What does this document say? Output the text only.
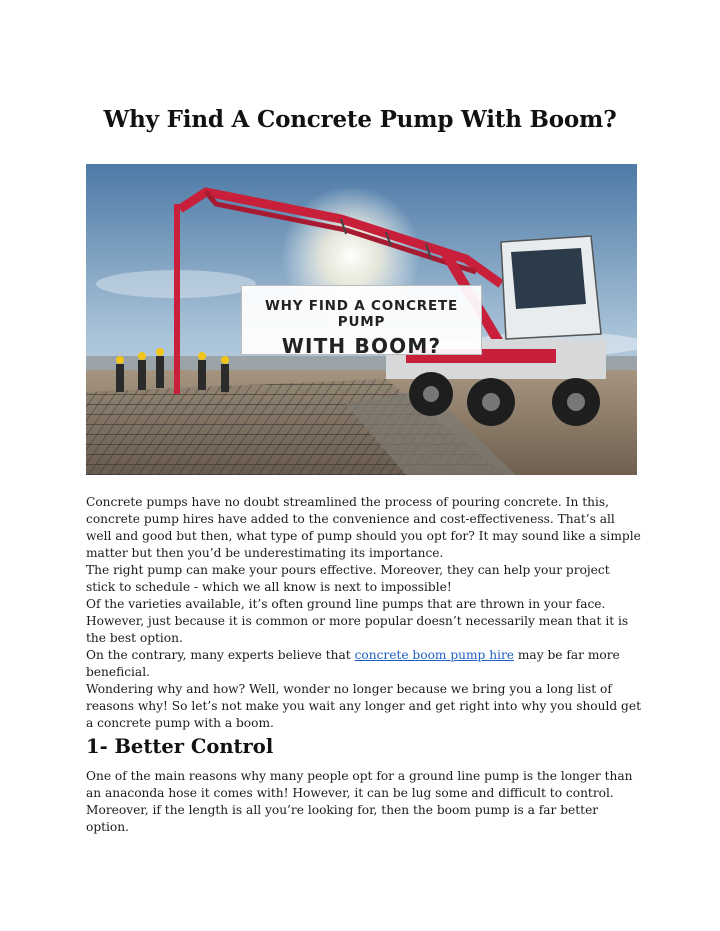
Why Find A Concrete Pump With Boom?
WHY FIND A CONCRETE PUMP
WITH BOOM?

Concrete pumps have no doubt streamlined the process of pouring concrete. In this, concrete pump hires have added to the convenience and cost-effectiveness. That’s all well and good but then, what type of pump should you opt for? It may sound like a simple matter but then you’d be underestimating its importance.

The right pump can make your pours effective. Moreover, they can help your project stick to schedule - which we all know is next to impossible!

Of the varieties available, it’s often ground line pumps that are thrown in your face. However, just because it is common or more popular doesn’t necessarily mean that it is the best option.

On the contrary, many experts believe that concrete boom pump hire may be far more beneficial.

Wondering why and how? Well, wonder no longer because we bring you a long list of reasons why! So let’s not make you wait any longer and get right into why you should get a concrete pump with a boom.

1- Better Control

One of the main reasons why many people opt for a ground line pump is the longer than an anaconda hose it comes with! However, it can be lug some and difficult to control. Moreover, if the length is all you’re looking for, then the boom pump is a far better option.
